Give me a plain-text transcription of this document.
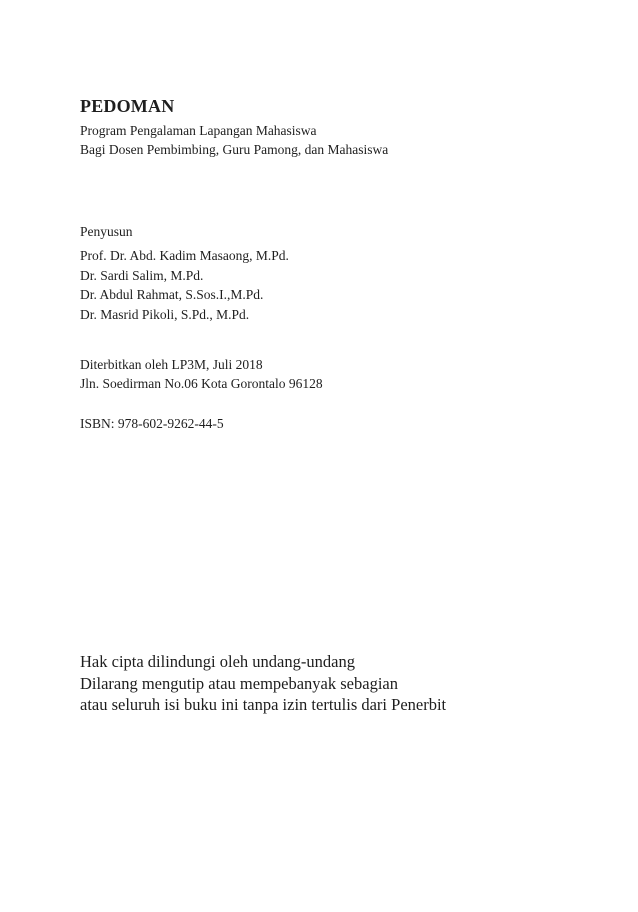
PEDOMAN
Program Pengalaman Lapangan Mahasiswa
Bagi Dosen Pembimbing, Guru Pamong, dan Mahasiswa
Penyusun
Prof. Dr. Abd. Kadim Masaong, M.Pd.
Dr. Sardi Salim, M.Pd.
Dr. Abdul Rahmat, S.Sos.I.,M.Pd.
Dr. Masrid Pikoli, S.Pd., M.Pd.
Diterbitkan oleh LP3M, Juli 2018
Jln. Soedirman No.06 Kota Gorontalo 96128
ISBN: 978-602-9262-44-5
Hak cipta dilindungi oleh undang-undang
Dilarang mengutip atau mempebanyak sebagian
atau seluruh isi buku ini tanpa izin tertulis dari Penerbit
